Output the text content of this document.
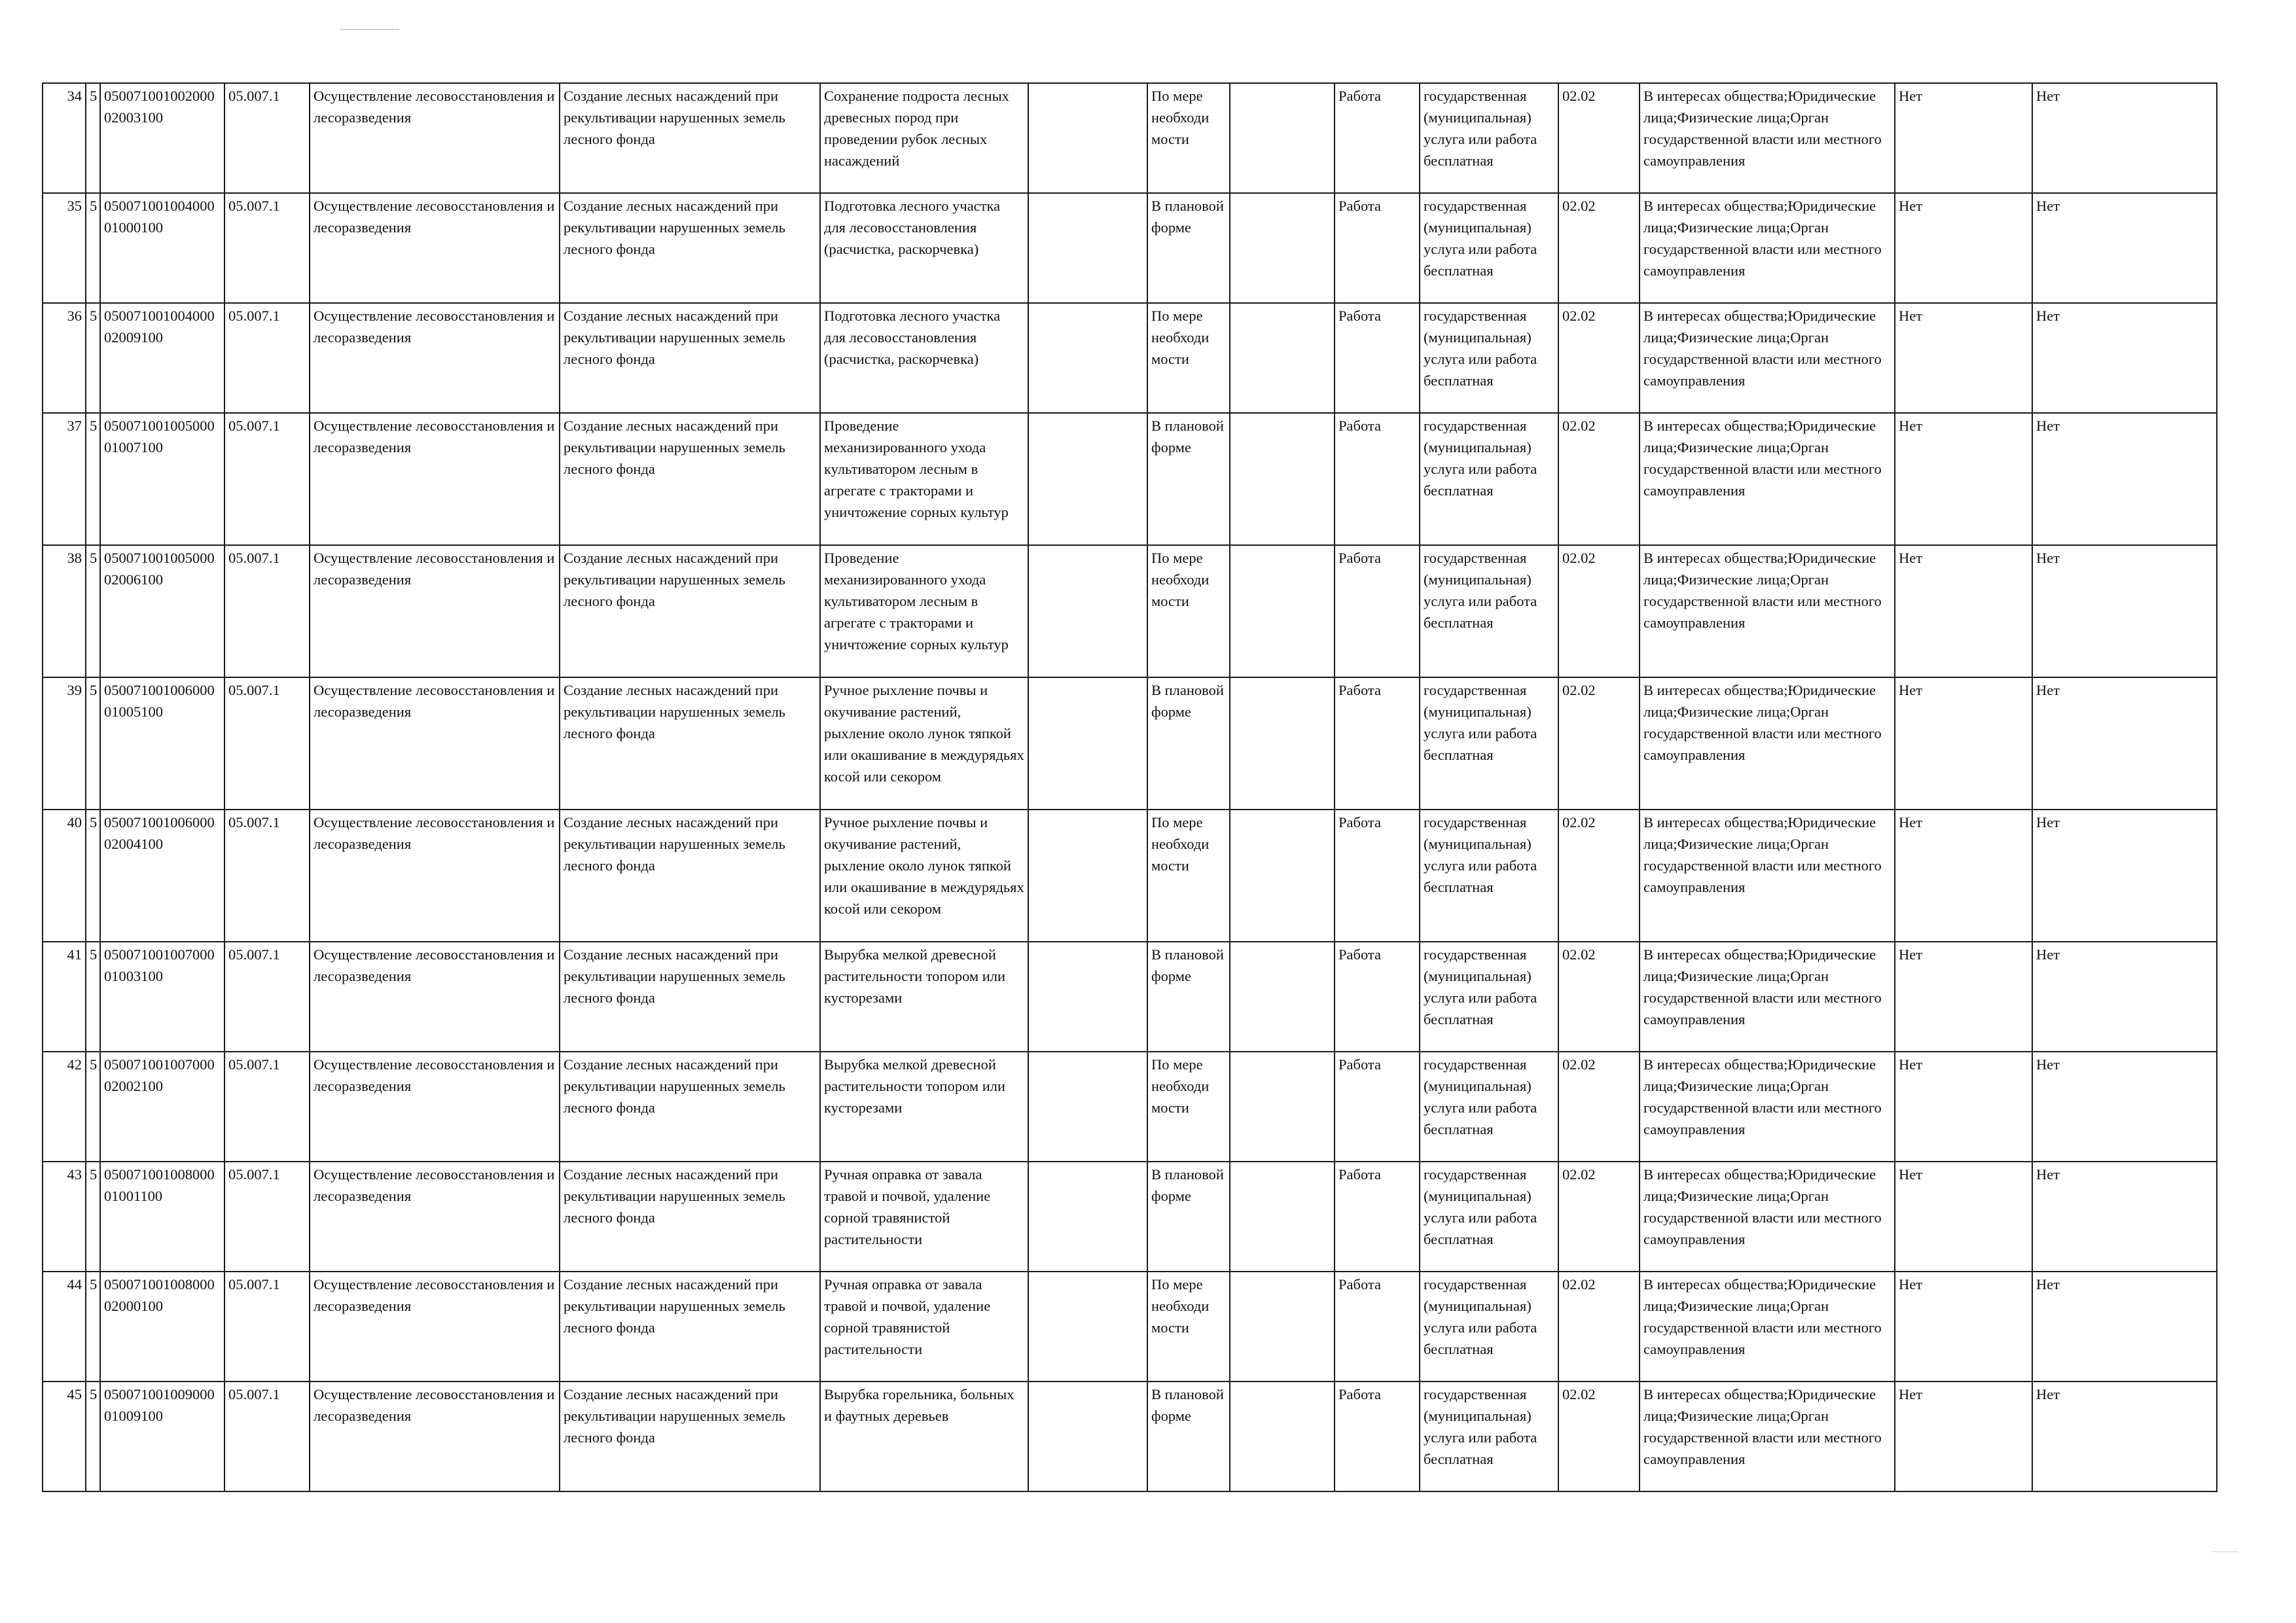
34	5	05007100100200002003100	05.007.1	Осуществление лесовосстановления и лесоразведения	Создание лесных насаждений при рекультивации нарушенных земель лесного фонда	Сохранение подроста лесных древесных пород при проведении рубок лесных насаждений		По мере необходи мости		Работа	государственная (муниципальная) услуга или работа бесплатная	02.02	В интересах общества;Юридические лица;Физические лица;Орган государственной власти или местного самоуправления	Нет	Нет
35	5	05007100100400001000100	05.007.1	Осуществление лесовосстановления и лесоразведения	Создание лесных насаждений при рекультивации нарушенных земель лесного фонда	Подготовка лесного участка для лесовосстановления (расчистка, раскорчевка)		В плановой форме		Работа	государственная (муниципальная) услуга или работа бесплатная	02.02	В интересах общества;Юридические лица;Физические лица;Орган государственной власти или местного самоуправления	Нет	Нет
36	5	05007100100400002009100	05.007.1	Осуществление лесовосстановления и лесоразведения	Создание лесных насаждений при рекультивации нарушенных земель лесного фонда	Подготовка лесного участка для лесовосстановления (расчистка, раскорчевка)		По мере необходи мости		Работа	государственная (муниципальная) услуга или работа бесплатная	02.02	В интересах общества;Юридические лица;Физические лица;Орган государственной власти или местного самоуправления	Нет	Нет
37	5	05007100100500001007100	05.007.1	Осуществление лесовосстановления и лесоразведения	Создание лесных насаждений при рекультивации нарушенных земель лесного фонда	Проведение механизированного ухода культиватором лесным в агрегате с тракторами и уничтожение сорных культур		В плановой форме		Работа	государственная (муниципальная) услуга или работа бесплатная	02.02	В интересах общества;Юридические лица;Физические лица;Орган государственной власти или местного самоуправления	Нет	Нет
38	5	05007100100500002006100	05.007.1	Осуществление лесовосстановления и лесоразведения	Создание лесных насаждений при рекультивации нарушенных земель лесного фонда	Проведение механизированного ухода культиватором лесным в агрегате с тракторами и уничтожение сорных культур		По мере необходи мости		Работа	государственная (муниципальная) услуга или работа бесплатная	02.02	В интересах общества;Юридические лица;Физические лица;Орган государственной власти или местного самоуправления	Нет	Нет
39	5	05007100100600001005100	05.007.1	Осуществление лесовосстановления и лесоразведения	Создание лесных насаждений при рекультивации нарушенных земель лесного фонда	Ручное рыхление почвы и окучивание растений, рыхление около лунок тяпкой или окашивание в междурядьях косой или секором		В плановой форме		Работа	государственная (муниципальная) услуга или работа бесплатная	02.02	В интересах общества;Юридические лица;Физические лица;Орган государственной власти или местного самоуправления	Нет	Нет
40	5	05007100100600002004100	05.007.1	Осуществление лесовосстановления и лесоразведения	Создание лесных насаждений при рекультивации нарушенных земель лесного фонда	Ручное рыхление почвы и окучивание растений, рыхление около лунок тяпкой или окашивание в междурядьях косой или секором		По мере необходи мости		Работа	государственная (муниципальная) услуга или работа бесплатная	02.02	В интересах общества;Юридические лица;Физические лица;Орган государственной власти или местного самоуправления	Нет	Нет
41	5	05007100100700001003100	05.007.1	Осуществление лесовосстановления и лесоразведения	Создание лесных насаждений при рекультивации нарушенных земель лесного фонда	Вырубка мелкой древесной растительности топором или кусторезами		В плановой форме		Работа	государственная (муниципальная) услуга или работа бесплатная	02.02	В интересах общества;Юридические лица;Физические лица;Орган государственной власти или местного самоуправления	Нет	Нет
42	5	05007100100700002002100	05.007.1	Осуществление лесовосстановления и лесоразведения	Создание лесных насаждений при рекультивации нарушенных земель лесного фонда	Вырубка мелкой древесной растительности топором или кусторезами		По мере необходи мости		Работа	государственная (муниципальная) услуга или работа бесплатная	02.02	В интересах общества;Юридические лица;Физические лица;Орган государственной власти или местного самоуправления	Нет	Нет
43	5	05007100100800001001100	05.007.1	Осуществление лесовосстановления и лесоразведения	Создание лесных насаждений при рекультивации нарушенных земель лесного фонда	Ручная оправка от завала травой и почвой, удаление сорной травянистой растительности		В плановой форме		Работа	государственная (муниципальная) услуга или работа бесплатная	02.02	В интересах общества;Юридические лица;Физические лица;Орган государственной власти или местного самоуправления	Нет	Нет
44	5	05007100100800002000100	05.007.1	Осуществление лесовосстановления и лесоразведения	Создание лесных насаждений при рекультивации нарушенных земель лесного фонда	Ручная оправка от завала травой и почвой, удаление сорной травянистой растительности		По мере необходи мости		Работа	государственная (муниципальная) услуга или работа бесплатная	02.02	В интересах общества;Юридические лица;Физические лица;Орган государственной власти или местного самоуправления	Нет	Нет
45	5	05007100100900001009100	05.007.1	Осуществление лесовосстановления и лесоразведения	Создание лесных насаждений при рекультивации нарушенных земель лесного фонда	Вырубка горельника, больных и фаутных деревьев		В плановой форме		Работа	государственная (муниципальная) услуга или работа бесплатная	02.02	В интересах общества;Юридические лица;Физические лица;Орган государственной власти или местного самоуправления	Нет	Нет
